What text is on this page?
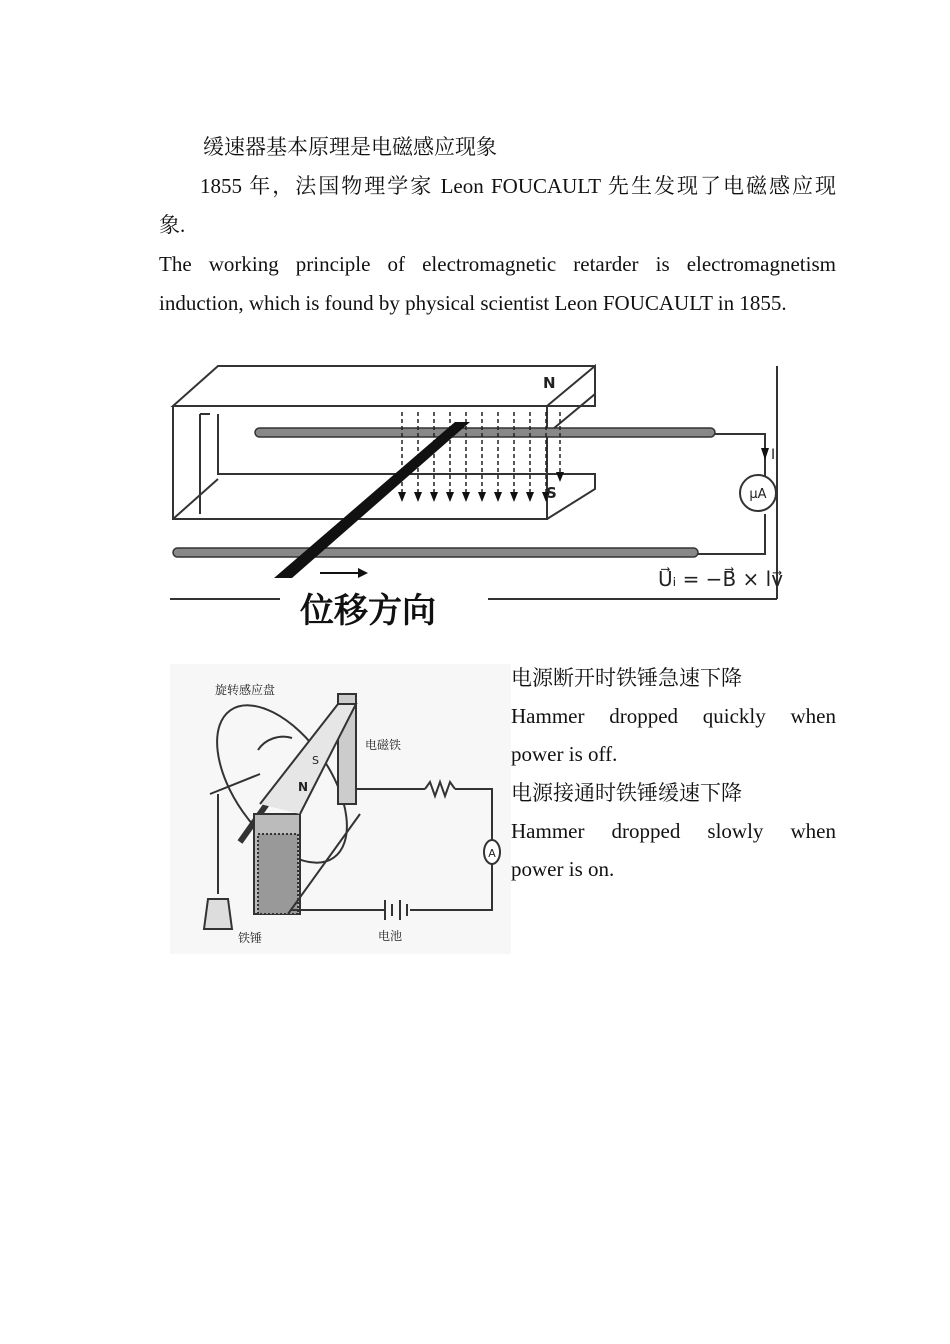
缓速器基本原理是电磁感应现象
1855 年，法国物理学家 Leon FOUCAULT 先生发现了电磁感应现
象.
The working principle of electromagnetic retarder is electromagnetism
induction, which is found by physical scientist Leon FOUCAULT in 1855.
μA
N
S
I
U⃗ᵢ = −B⃗ × lv⃗
位移方向
A
N
S
旋转感应盘
电磁铁
铁锤	电池
电源断开时铁锤急速下降
Hammer dropped quickly when
power is off.
电源接通时铁锤缓速下降
Hammer dropped slowly when
power is on.
